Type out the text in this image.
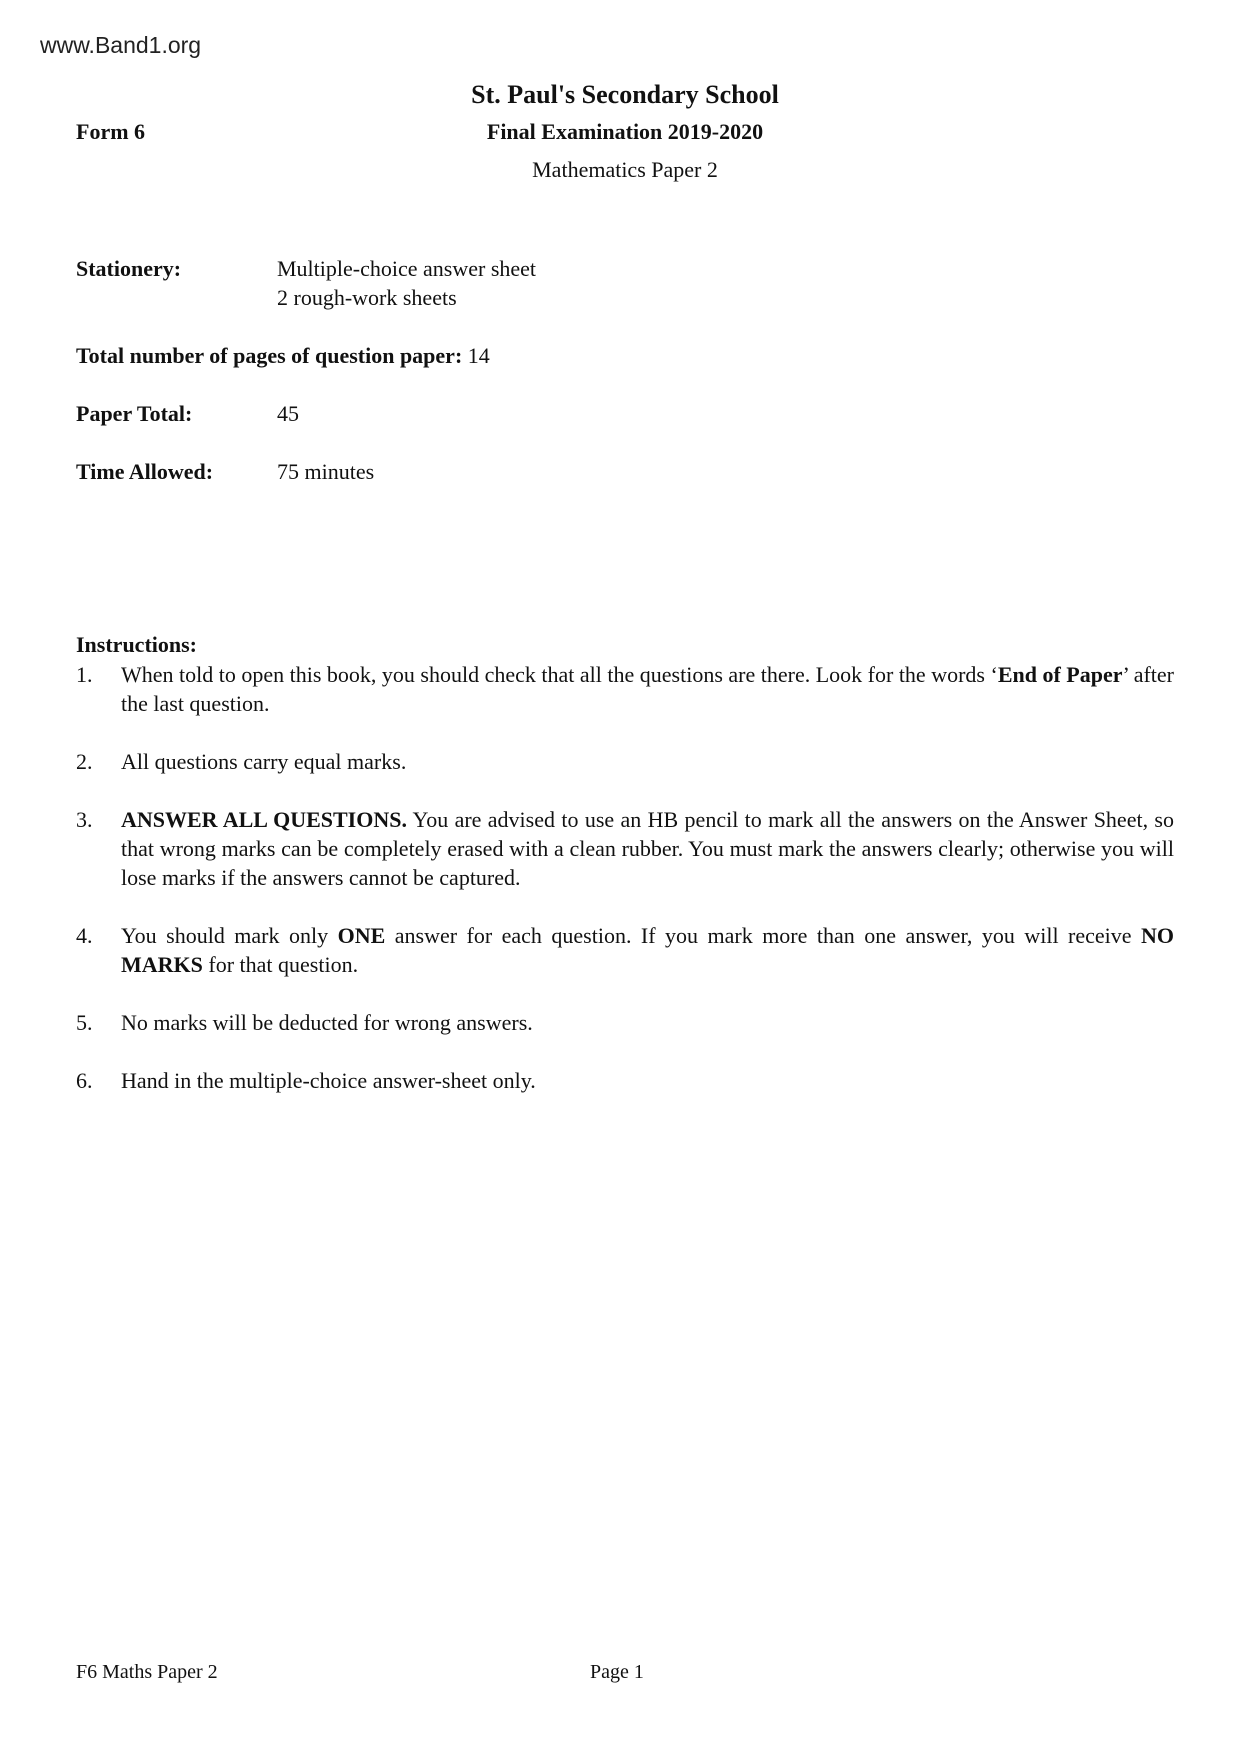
www.Band1.org
St. Paul's Secondary School
Form 6	Final Examination 2019-2020
Mathematics Paper 2
Stationery:	Multiple-choice answer sheet
2 rough-work sheets
Total number of pages of question paper: 14
Paper Total:	45
Time Allowed:	75 minutes
Instructions:
1.	When told to open this book, you should check that all the questions are there. Look for the words ‘End of Paper’ after the last question.
2.	All questions carry equal marks.
3.	ANSWER ALL QUESTIONS. You are advised to use an HB pencil to mark all the answers on the Answer Sheet, so that wrong marks can be completely erased with a clean rubber. You must mark the answers clearly; otherwise you will lose marks if the answers cannot be captured.
4.	You should mark only ONE answer for each question. If you mark more than one answer, you will receive NO MARKS for that question.
5.	No marks will be deducted for wrong answers.
6.	Hand in the multiple-choice answer-sheet only.
F6 Maths Paper 2	Page 1
